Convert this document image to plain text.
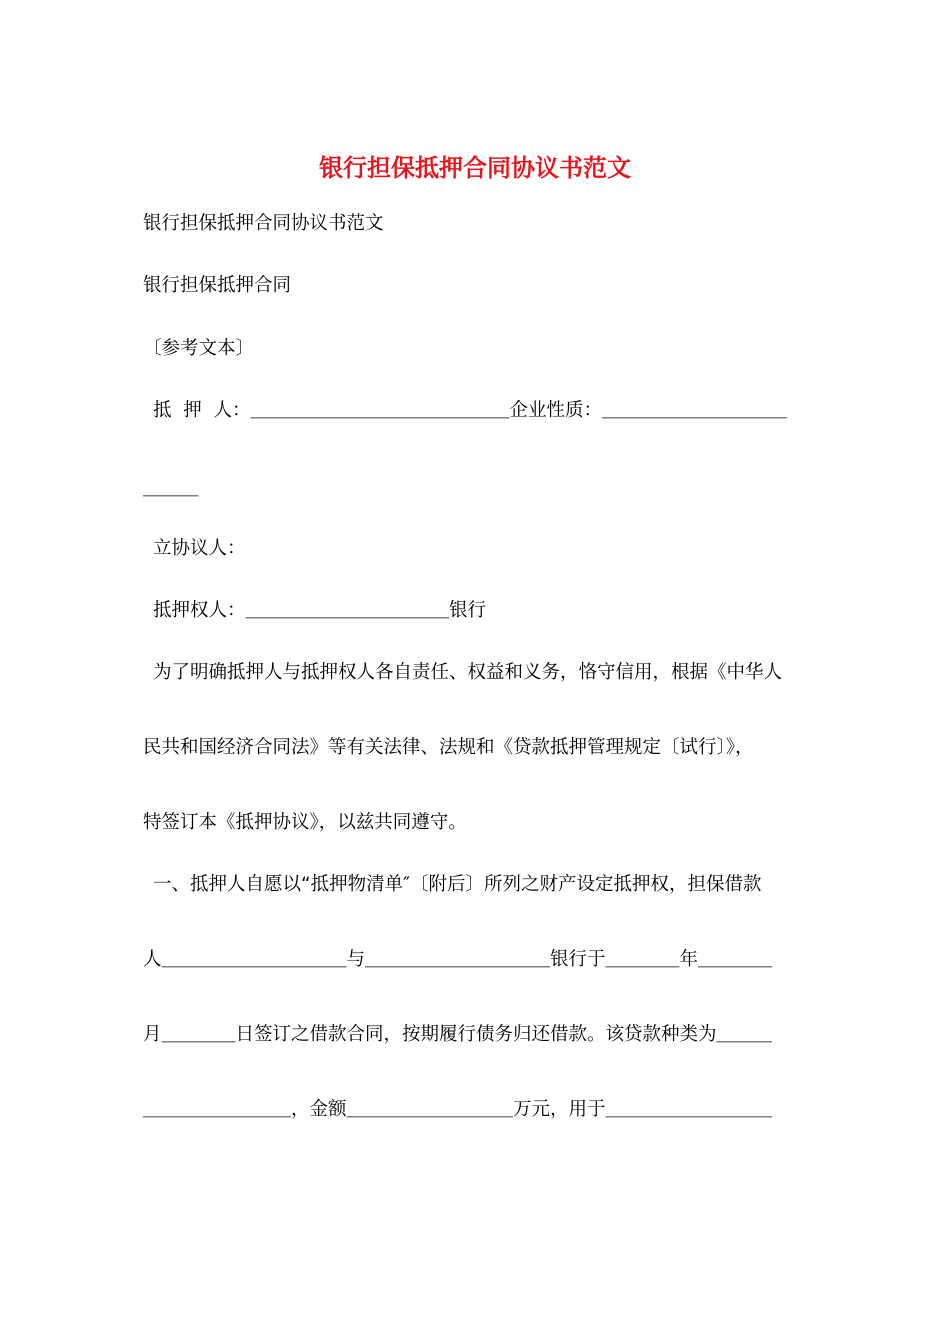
银行担保抵押合同协议书范文
银行担保抵押合同协议书范文
银行担保抵押合同
〔参考文本〕
抵  押  人：＿＿＿＿＿＿＿＿＿＿＿＿＿＿企业性质：＿＿＿＿＿＿＿＿＿＿
＿＿＿
立协议人：
抵押权人：＿＿＿＿＿＿＿＿＿＿＿银行
为了明确抵押人与抵押权人各自责任、权益和义务，恪守信用，根据《中华人
民共和国经济合同法》等有关法律、法规和《贷款抵押管理规定〔试行〕》，
特签订本《抵押协议》，以兹共同遵守。
一、抵押人自愿以“抵押物清单″〔附后〕所列之财产设定抵押权，担保借款
人＿＿＿＿＿＿＿＿＿＿与＿＿＿＿＿＿＿＿＿＿银行于＿＿＿＿年＿＿＿＿
月＿＿＿＿日签订之借款合同，按期履行债务归还借款。该贷款种类为＿＿＿
＿＿＿＿＿＿＿＿，金额＿＿＿＿＿＿＿＿＿万元，用于＿＿＿＿＿＿＿＿＿
